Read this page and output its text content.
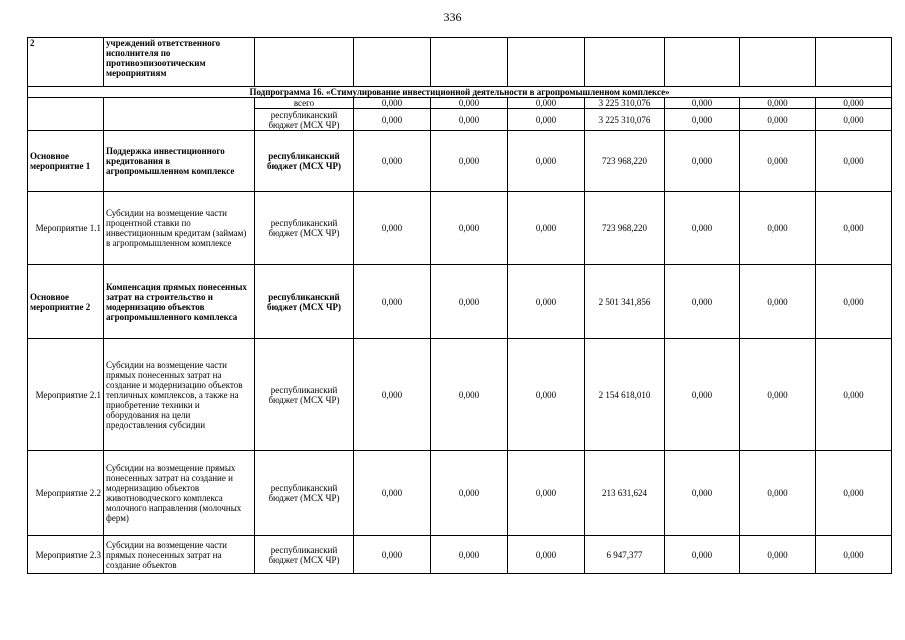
336
2	учреждений ответственного исполнителя по противоэпизоотическим мероприятиям								
Подпрограмма 16. «Стимулирование инвестиционной деятельности в агропромышленном комплексе»									
		всего	0,000	0,000	0,000	3 225 310,076	0,000	0,000	0,000
		республиканский бюджет (МСХ ЧР)	0,000	0,000	0,000	3 225 310,076	0,000	0,000	0,000
Основное мероприятие 1	Поддержка инвестиционного кредитования в агропромышленном комплексе	республиканский бюджет (МСХ ЧР)	0,000	0,000	0,000	723 968,220	0,000	0,000	0,000
Мероприятие 1.1	Субсидии на возмещение части процентной ставки по инвестиционным кредитам (займам) в агропромышленном комплексе	республиканский бюджет (МСХ ЧР)	0,000	0,000	0,000	723 968,220	0,000	0,000	0,000
Основное мероприятие 2	Компенсация прямых понесенных затрат на строительство и модернизацию объектов агропромышленного комплекса	республиканский бюджет (МСХ ЧР)	0,000	0,000	0,000	2 501 341,856	0,000	0,000	0,000
Мероприятие 2.1	Субсидии на возмещение части прямых понесенных затрат на создание и модернизацию объектов тепличных комплексов, а также на приобретение техники и оборудования на цели предоставления субсидии	республиканский бюджет (МСХ ЧР)	0,000	0,000	0,000	2 154 618,010	0,000	0,000	0,000
Мероприятие 2.2	Субсидии на возмещение прямых понесенных затрат на создание и модернизацию объектов животноводческого комплекса молочного направления (молочных ферм)	республиканский бюджет (МСХ ЧР)	0,000	0,000	0,000	213 631,624	0,000	0,000	0,000
Мероприятие 2.3	Субсидии на возмещение части прямых понесенных затрат на создание объектов	республиканский бюджет (МСХ ЧР)	0,000	0,000	0,000	6 947,377	0,000	0,000	0,000
